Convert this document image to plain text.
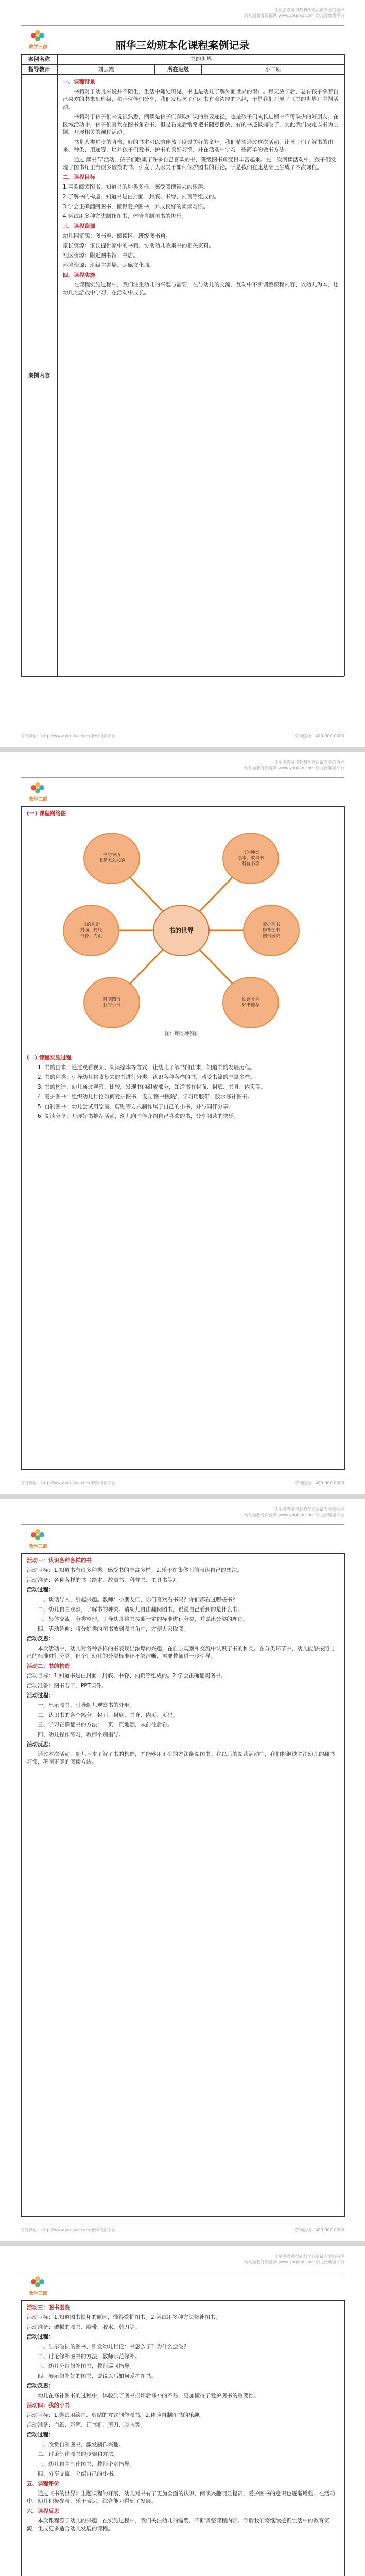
让更多教师得到科学方法最专业的指导
幼儿园教育资源网 www.youjiao.com 幼儿园集团平台
教学三部	丽华三幼班本化课程案例记录
案例名称	书的世界
指导教师	刘云霞	所在班级	小二班
案例内容

一、课程背景

书籍对于幼儿来说并不陌生，生活中随处可见，书也是幼儿了解外面世界的窗口。每天放学后，总有孩子拿着自己喜欢的书来到班级，和小伙伴们分享，我们发现孩子们对书有着浓厚的兴趣，于是我们开展了《书的世界》主题活动。

书籍对于孩子们来说很熟悉，阅读是孩子们获取知识的重要途径，也是孩子们成长过程中不可缺少的好朋友。在区域活动中，孩子们喜欢在图书角看书，但是看完后常常把书随意摆放，有的书还被撕破了，为此我们决定以书为主题，开展相关的课程活动。

书是人类进步的阶梯，好的书本可以陪伴孩子度过美好的童年。我们希望通过这次活动，让孩子们了解书的由来、种类、用途等，培养孩子们爱书、护书的良好习惯，并在活动中学习一些简单的做书方法。

通过'读书节'活动，孩子们收集了许多自己喜欢的书，班级图书角变得丰富起来。在一次阅读活动中，孩子们发现了图书角里有很多破损的书，引发了大家关于如何保护图书的讨论，于是我们在此基础上生成了本次课程。

二、课程目标

1.喜欢阅读图书，知道书的种类多样，感受阅读带来的乐趣。

2.了解书的构造，知道书是由封面、封底、书脊、内页等组成的。

3.学会正确翻阅图书，懂得爱护图书，养成良好的阅读习惯。

4.尝试用多种方法制作图书，体验自制图书的快乐。

三、课程资源

幼儿园资源：图书室、阅读区、班级图书角。

家长资源：家长提供家中的书籍，协助幼儿收集书的相关资料。

社区资源：附近图书馆、书店。

环境资源：班级主题墙、走廊文化墙。

四、课程实施

在课程实施过程中，我们注重幼儿的兴趣与需要，在与幼儿的交流、互动中不断调整课程内容，以幼儿为本，让幼儿在游戏中学习，在活动中成长。

官方网址：http://www.youjiao.com 教师交流平台	咨询热线：400-000-0000
让更多教师得到科学方法最专业的指导
幼儿园教育资源网 www.youjiao.com 幼儿园集团平台
教学三部

(一) 课程网络图

书的世界
书的来历
书是怎么来的
书的种类
绘本、故事书
科普书等
书的构造
封面、封底
书脊、内页
爱护图书
修补图书
图书医院
自制图书
我的小书
阅读分享
好书推荐
图：课程网络图

(二) 课程实施过程

1. 书的由来：通过观看视频、阅读绘本等方式，让幼儿了解书的由来，知道书的发展历程。

2. 书的种类：引导幼儿将收集来的书进行分类，认识各种各样的书，感受书籍的丰富多样。

3. 书的构造：幼儿通过观察、比较，发现书的组成部分，知道书有封面、封底、书脊、内页等。

4. 爱护图书：组织幼儿讨论如何爱护图书，设立'图书医院'，学习用胶带、胶水修补图书。

5. 自制图书：幼儿尝试用绘画、剪贴等方式制作属于自己的小书，并与同伴分享。

6. 阅读分享：开展好书推荐活动，幼儿向同伴介绍自己喜欢的书，分享阅读的快乐。

官方网址：http://www.youjiao.com 教师交流平台	咨询热线：400-000-0000
让更多教师得到科学方法最专业的指导
幼儿园教育资源网 www.youjiao.com 幼儿园集团平台
教学三部

活动一：认识各种各样的书

活动目标：1.知道书有很多种类，感受书的丰富多样。2.乐于在集体面前表达自己的想法。

活动准备：各种各样的书（绘本、故事书、科普书、工具书等）。

活动过程：

一、谈话导入，引起兴趣。教师：小朋友们，你们喜欢看书吗？你们都看过哪些书？

二、幼儿自主观察，了解书的种类。请幼儿自由翻阅图书，说说自己看到的是什么书。

三、集体交流，分类整理。引导幼儿将书按照一定的标准进行分类，并说出分类的理由。

四、活动延伸：将分好类的图书放到图书角中，方便大家取阅。

活动反思：

本次活动中，幼儿对各种各样的书表现出浓厚的兴趣，在自主观察和交流中认识了书的种类。在分类环节中，幼儿能够按照自己的标准进行分类，但个别幼儿的分类标准还不够清晰，需要教师进一步引导。

活动二：书的构造

活动目标：1.知道书是由封面、封底、书脊、内页等组成的。2.学会正确翻阅图书。

活动准备：图书若干、PPT课件。

活动过程：

一、出示图书，引导幼儿观察书的外形。

二、认识书的各个部分：封面、封底、书脊、内页、页码。

三、学习正确翻书的方法：一页一页地翻，从前往后看。

四、幼儿操作练习，教师个别指导。

活动反思：

通过本次活动，幼儿基本了解了书的构造，并能够用正确的方法翻阅图书。在以后的阅读活动中，我们将继续关注幼儿的翻书习惯，巩固正确的阅读方法。

官方网址：http://www.youjiao.com 教师交流平台	咨询热线：400-000-0000
让更多教师得到科学方法最专业的指导
幼儿园教育资源网 www.youjiao.com 幼儿园集团平台
教学三部

活动三：图书医院

活动目标：1.知道图书损坏的原因，懂得爱护图书。2.尝试用多种方法修补图书。

活动准备：破损的图书、胶带、胶水、剪刀等。

活动过程：

一、出示破损的图书，引发幼儿讨论：书怎么了？为什么会破？

二、讨论修补图书的方法，教师示范修补。

三、幼儿分组修补图书，教师巡回指导。

四、展示修补好的图书，说说以后如何爱护图书。

活动反思：

幼儿在修补图书的过程中，体验到了图书损坏后修补的不易，更加懂得了爱护图书的重要性。

活动四：我的小书

活动目标：1.尝试用绘画、剪贴的方式制作图书。2.体验自制图书的乐趣。

活动准备：白纸、彩笔、订书机、剪刀、胶水等。

活动过程：

一、欣赏自制图书，激发制作兴趣。

二、讨论制作图书的步骤和方法。

三、幼儿自主制作图书，教师个别指导。

四、分享交流，介绍自己的小书。

五、课程评价

通过《书的世界》主题课程的开展，幼儿对书有了更加全面的认识，阅读兴趣明显提高，爱护图书的意识也逐渐增强。在活动中，幼儿积极参与、乐于表达，综合能力得到了发展。

六、课程反思

本次课程源于幼儿的兴趣，在实施过程中，我们关注幼儿的需要，不断调整课程内容。今后我们将继续挖掘生活中的教育资源，生成更多适合幼儿发展的课程。
